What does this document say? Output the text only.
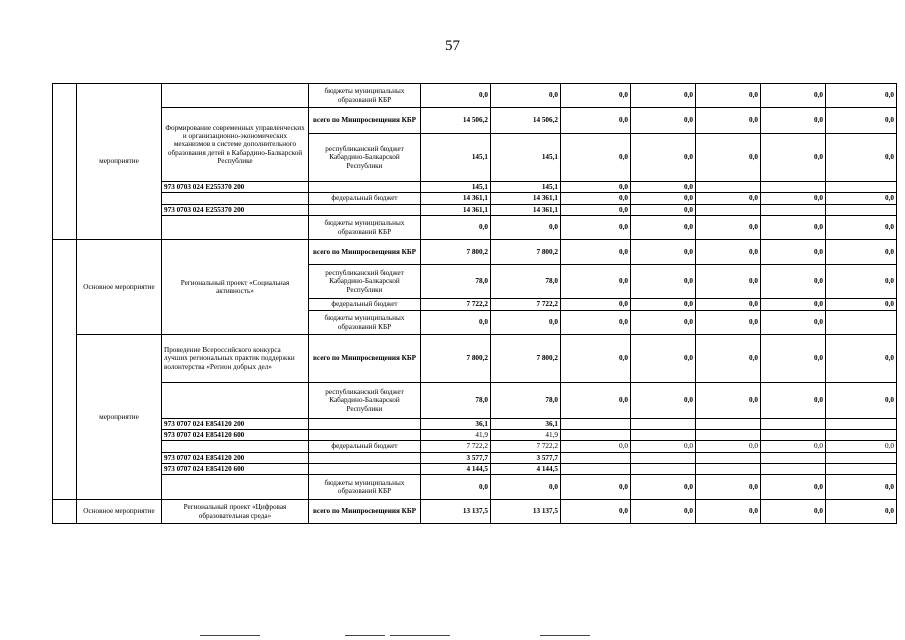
57
	мероприятие		бюджеты муниципальных образований КБР	0,0	0,0	0,0	0,0	0,0	0,0	0,0
		Формирование современных управленческих и организационно-экономических механизмов в системе дополнительного образования детей в Кабардино-Балкарской Республике	всего по Минпросвещения КБР	14 506,2	14 506,2	0,0	0,0	0,0	0,0	0,0
			республиканский бюджет Кабардино-Балкарской Республики	145,1	145,1	0,0	0,0	0,0	0,0	0,0
		973 0703 024 E255370 200		145,1	145,1	0,0	0,0			
			федеральный бюджет	14 361,1	14 361,1	0,0	0,0	0,0	0,0	0,0
		973 0703 024 E255370 200		14 361,1	14 361,1	0,0	0,0			
			бюджеты муниципальных образований КБР	0,0	0,0	0,0	0,0	0,0	0,0	0,0
	Основное мероприятие	Региональный проект «Социальная активность»	всего по Минпросвещения КБР	7 800,2	7 800,2	0,0	0,0	0,0	0,0	0,0
			республиканский бюджет Кабардино-Балкарской Республики	78,0	78,0	0,0	0,0	0,0	0,0	0,0
			федеральный бюджет	7 722,2	7 722,2	0,0	0,0	0,0	0,0	0,0
			бюджеты муниципальных образований КБР	0,0	0,0	0,0	0,0	0,0	0,0	
	мероприятие	Проведение Всероссийского конкурса лучших региональных практик поддержки волонтерства «Регион добрых дел»	всего по Минпросвещения КБР	7 800,2	7 800,2	0,0	0,0	0,0	0,0	0,0
			республиканский бюджет Кабардино-Балкарской Республики	78,0	78,0	0,0	0,0	0,0	0,0	0,0
		973 0707 024 E854120 200		36,1	36,1					
		973 0707 024 E854120 600		41,9	41,9					
			федеральный бюджет	7 722,2	7 722,2	0,0	0,0	0,0	0,0	0,0
		973 0707 024 E854120 200		3 577,7	3 577,7					
		973 0707 024 E854120 600		4 144,5	4 144,5					
			бюджеты муниципальных образований КБР	0,0	0,0	0,0	0,0	0,0	0,0	0,0
	Основное мероприятие	Региональный проект «Цифровая образовательная среда»	всего по Минпросвещения КБР	13 137,5	13 137,5	0,0	0,0	0,0	0,0	0,0
